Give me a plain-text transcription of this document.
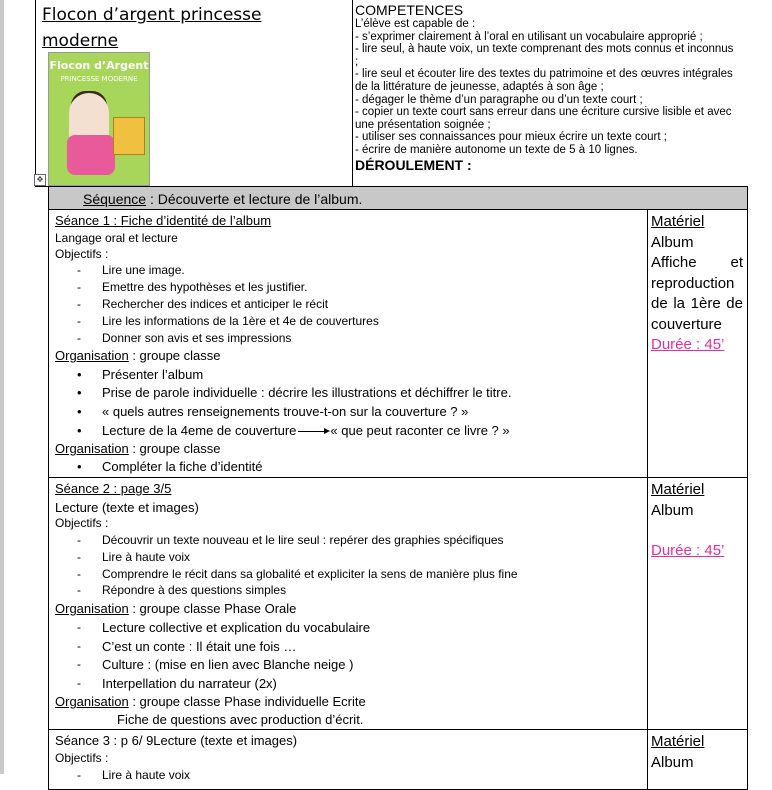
Flocon d’argent princesse moderne
Flocon d’Argent
PRINCESSE MODERNE
✥
COMPETENCES
L’élève est capable de :
- s’exprimer clairement à l’oral en utilisant un vocabulaire approprié ;
- lire seul, à haute voix, un texte comprenant des mots connus et inconnus
;
- lire seul et écouter lire des textes du patrimoine et des œuvres intégrales
de la littérature de jeunesse, adaptés à son âge ;
- dégager le thème d’un paragraphe ou d’un texte court ;
- copier un texte court sans erreur dans une écriture cursive lisible et avec
une présentation soignée ;
- utiliser ses connaissances pour mieux écrire un texte court ;
- écrire de manière autonome un texte de 5 à 10 lignes.
DÉROULEMENT :
Séquence : Découverte et lecture de l’album.
Séance 1 : Fiche d’identité de l’album
Langage oral et lecture
Objectifs :
- Lire une image.
- Emettre des hypothèses et les justifier.
- Rechercher des indices et anticiper le récit
- Lire les informations de la 1ère et 4e de couvertures
- Donner son avis et ses impressions
Organisation : groupe classe
• Présenter l’album
• Prise de parole individuelle : décrire les illustrations et déchiffrer le titre.
• « quels autres renseignements trouve-t-on sur la couverture ? »
• Lecture de la 4eme de couverture	« que peut raconter ce livre ? »
Organisation : groupe classe
• Compléter la fiche d’identité
Matériel
Album
Affiche et
reproduction
de la 1ère de
couverture
Durée : 45’
Séance 2 : page 3/5
Lecture (texte et images)
Objectifs :
- Découvrir un texte nouveau et le lire seul : repérer des graphies spécifiques
- Lire à haute voix
- Comprendre le récit dans sa globalité et expliciter la sens de manière plus fine
- Répondre à des questions simples
Organisation : groupe classe Phase Orale
- Lecture collective et explication du vocabulaire
- C’est un conte : Il était une fois …
- Culture : (mise en lien avec Blanche neige )
- Interpellation du narrateur (2x)
Organisation : groupe classe Phase individuelle Ecrite
Fiche de questions avec production d’écrit.
Matériel
Album
Durée : 45’
Séance 3 : p 6/ 9Lecture (texte et images)
Objectifs :
- Lire à haute voix
Matériel
Album
